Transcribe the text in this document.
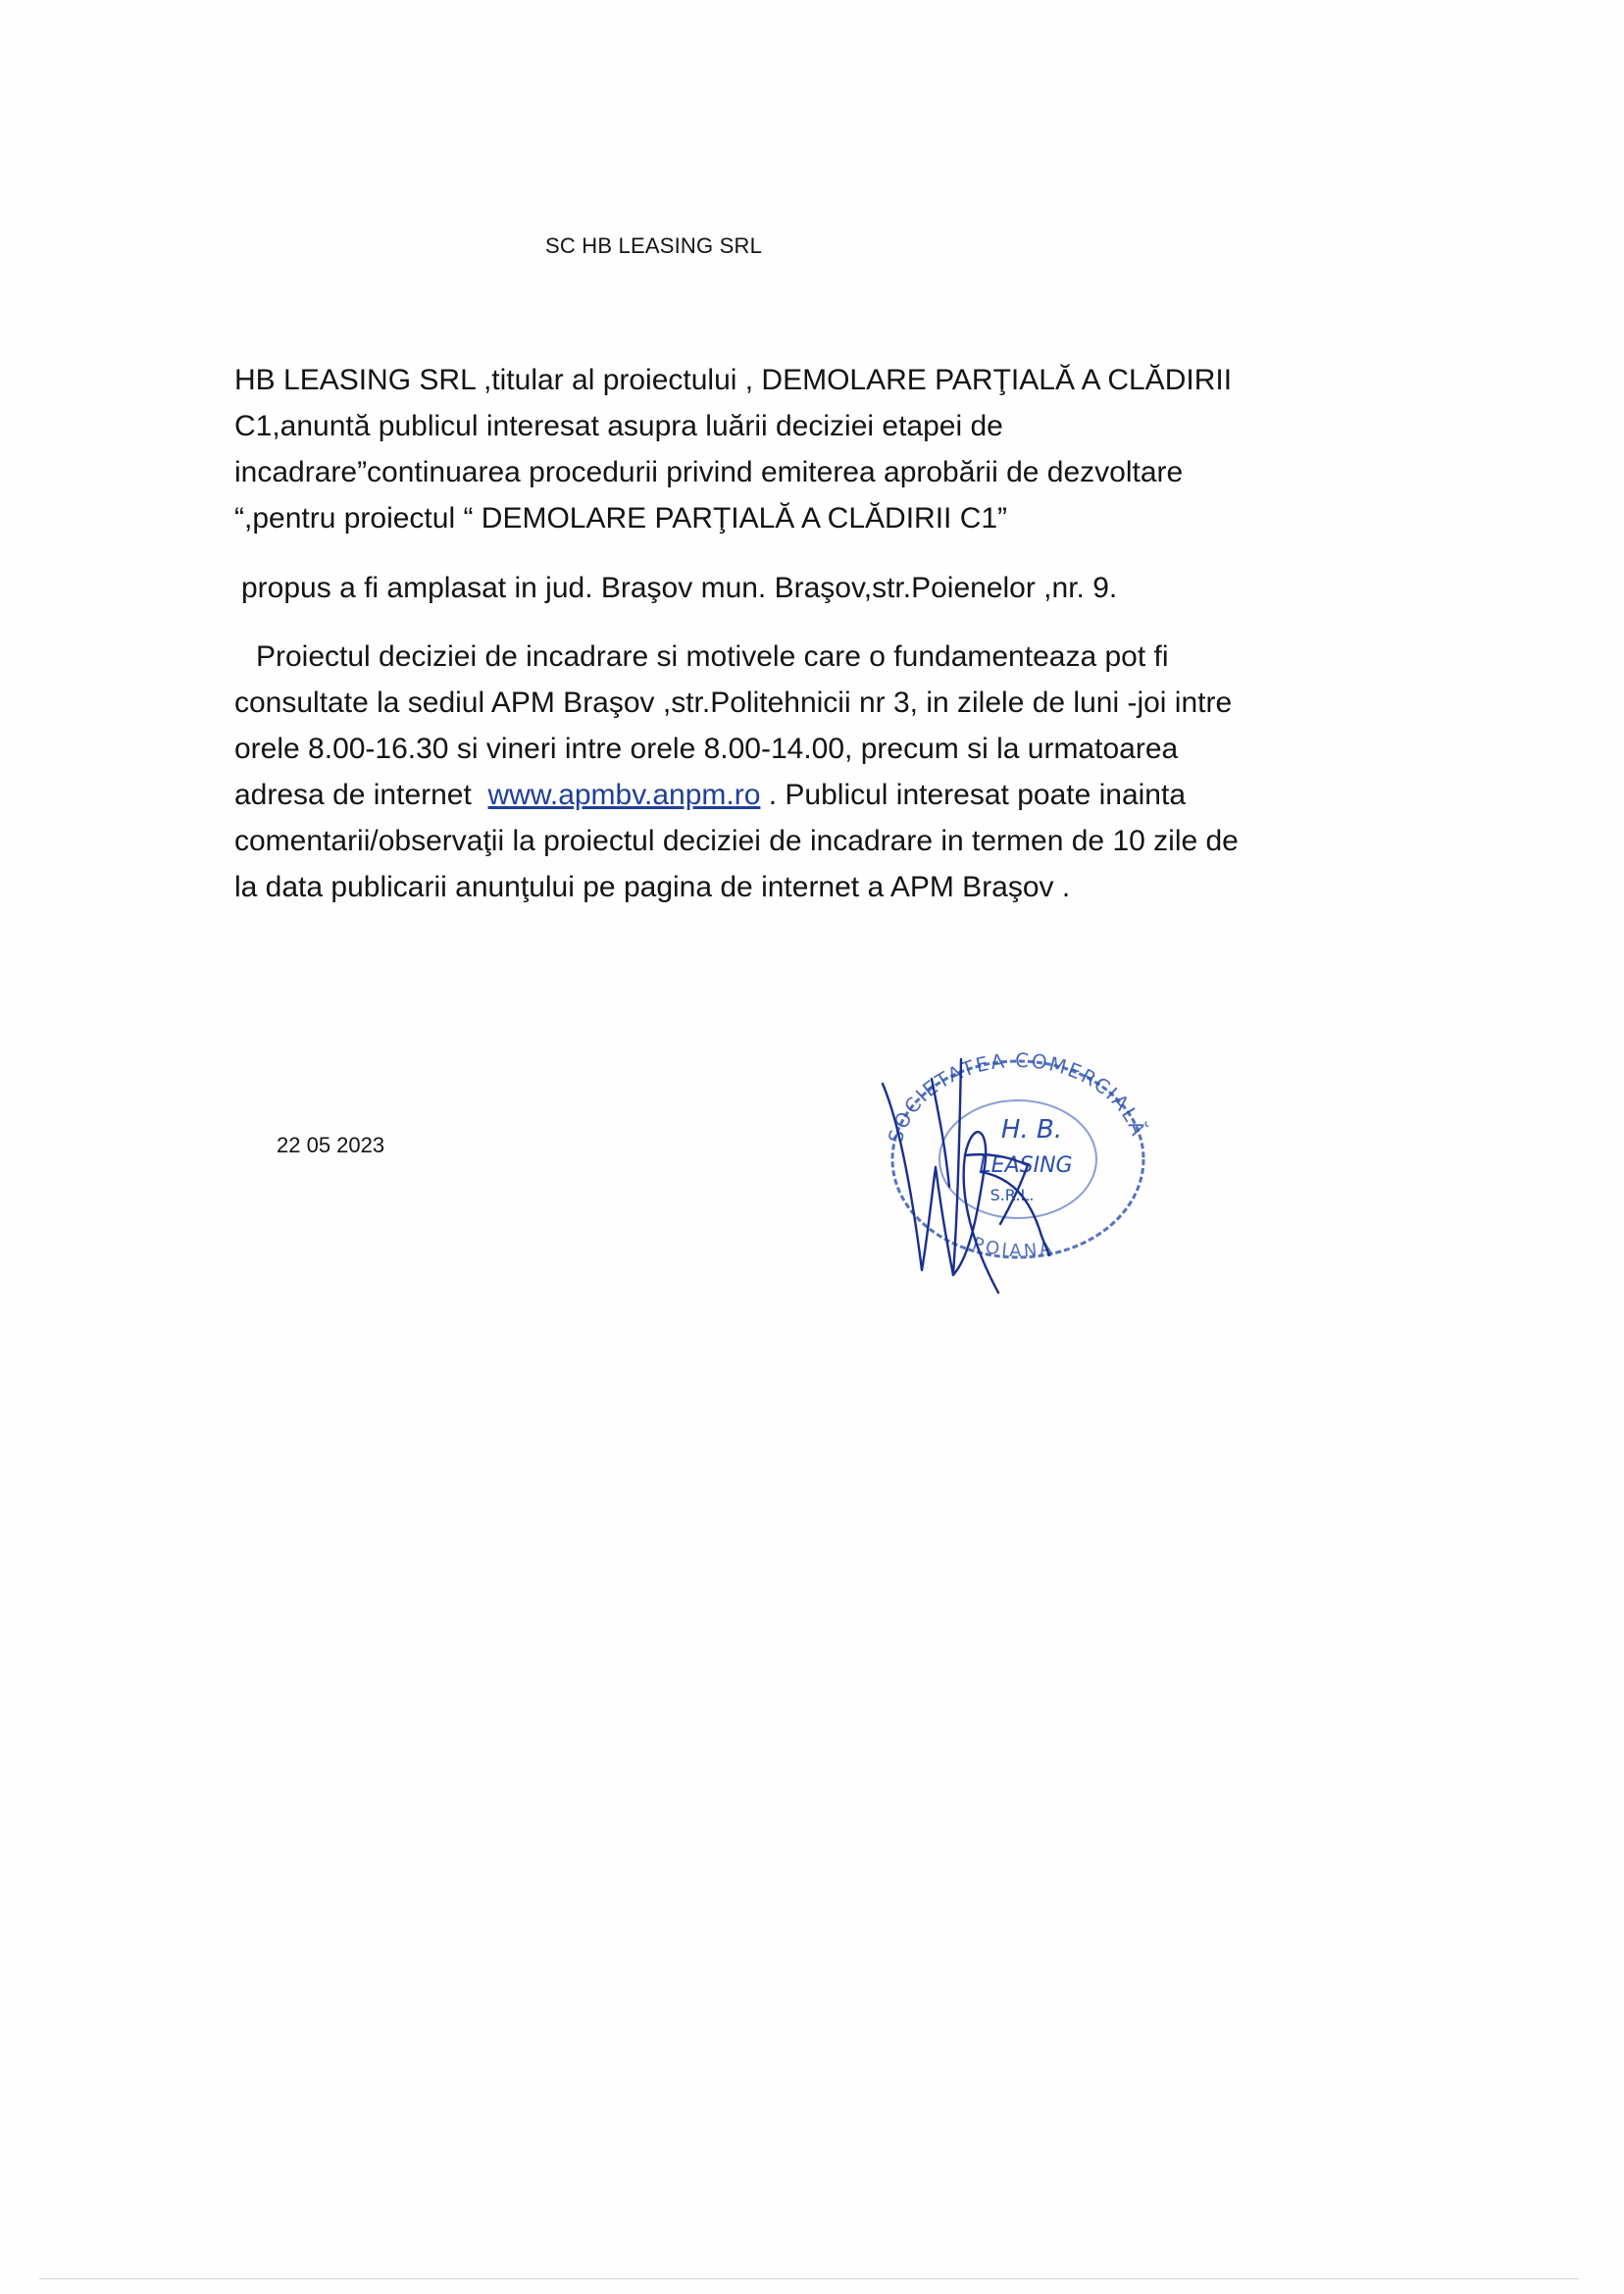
SC HB LEASING SRL

HB LEASING SRL ,titular al proiectului , DEMOLARE PARŢIALĂ A CLĂDIRII
C1,anuntă publicul interesat asupra luării deciziei etapei de
incadrare”continuarea procedurii privind emiterea aprobării de dezvoltare
“,pentru proiectul “ DEMOLARE PARŢIALĂ A CLĂDIRII C1”

propus a fi amplasat in jud. Braşov mun. Braşov,str.Poienelor ,nr. 9.

Proiectul deciziei de incadrare si motivele care o fundamenteaza pot fi
consultate la sediul APM Braşov ,str.Politehnicii nr 3, in zilele de luni -joi intre
orele 8.00-16.30 si vineri intre orele 8.00-14.00, precum si la urmatoarea
adresa de internet  www.apmbv.anpm.ro . Publicul interesat poate inainta
comentarii/observaţii la proiectul deciziei de incadrare in termen de 10 zile de
la data publicarii anunţului pe pagina de internet a APM Braşov .

22 05 2023	SOCIETATEA COMERCIALĂ
POIANA
H. B.
LEASING
S.R.L.
